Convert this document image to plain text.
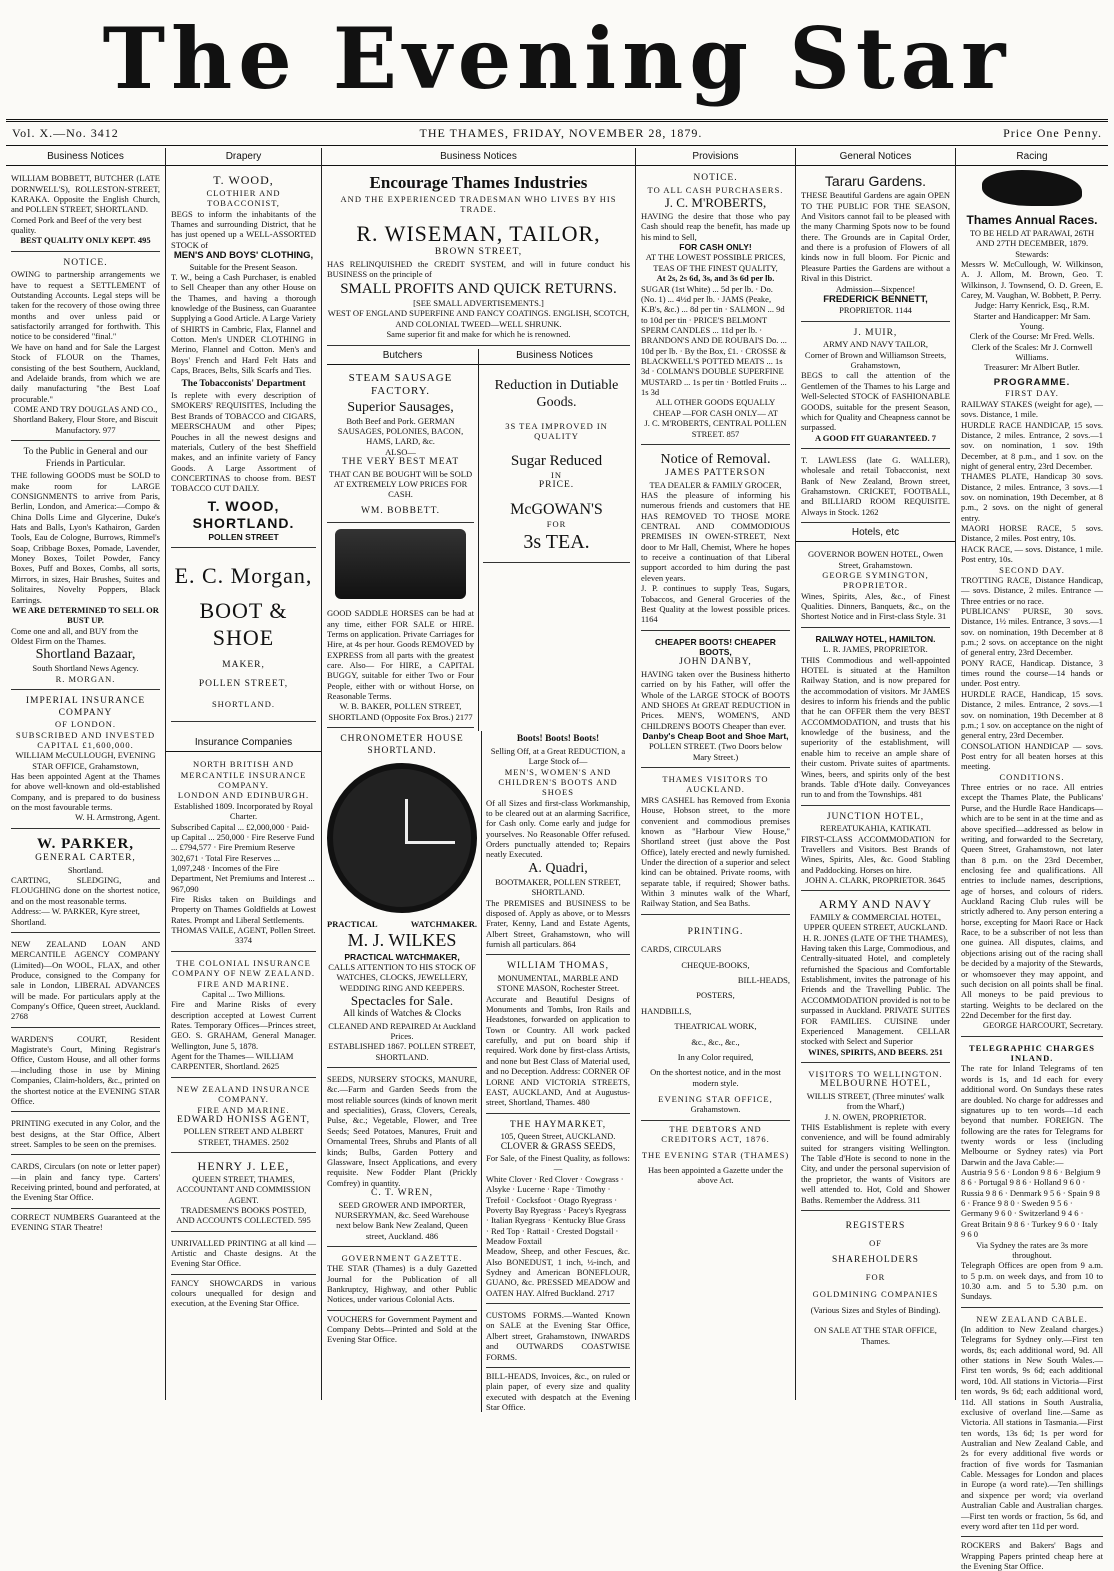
The Evening Star
Vol. X.—No. 3412	THE THAMES, FRIDAY, NOVEMBER 28, 1879.	Price One Penny.
Business Notices

WILLIAM BOBBETT, BUTCHER (LATE DORNWELL'S), ROLLESTON-STREET, KARAKA. Opposite the English Church, and POLLEN STREET, SHORTLAND.

Corned Pork and Beef of the very best quality.

BEST QUALITY ONLY KEPT. 495

NOTICE.

OWING to partnership arrangements we have to request a SETTLEMENT of Outstanding Accounts. Legal steps will be taken for the recovery of those owing three months and over unless paid or satisfactorily arranged for forthwith. This notice to be considered "final."

We have on hand and for Sale the Largest Stock of FLOUR on the Thames, consisting of the best Southern, Auckland, and Adelaide brands, from which we are daily manufacturing "the Best Loaf procurable."

COME AND TRY DOUGLAS AND CO., Shortland Bakery, Flour Store, and Biscuit Manufactory. 977

To the Public in General and our Friends in Particular.

THE following GOODS must be SOLD to make room for LARGE CONSIGNMENTS to arrive from Paris, Berlin, London, and America:—Compo & China Dolls Lime and Glycerine, Duke's Hats and Balls, Lyon's Kathairon, Garden Tools, Eau de Cologne, Burrows, Rimmel's Soap, Cribbage Boxes, Pomade, Lavender, Money Boxes, Toilet Powder, Fancy Boxes, Puff and Boxes, Combs, all sorts, Mirrors, in sizes, Hair Brushes, Suites and Solitaires, Novelty Poppers, Black Earrings.

WE ARE DETERMINED TO SELL OR BUST UP.

Come one and all, and BUY from the Oldest Firm on the Thames.

Shortland Bazaar,

South Shortland News Agency.

R. MORGAN.

IMPERIAL INSURANCE COMPANY

OF LONDON.

SUBSCRIBED AND INVESTED CAPITAL £1,600,000.

WILLIAM McCULLOUGH, EVENING STAR OFFICE, Grahamstown,

Has been appointed Agent at the Thames for above well-known and old-established Company, and is prepared to do business on the most favourable terms.

W. H. Armstrong, Agent.

W. PARKER,

GENERAL CARTER,

Shortland.

CARTING, SLEDGING, and FLOUGHING done on the shortest notice, and on the most reasonable terms.

Address:— W. PARKER, Kyre street, Shortland.

NEW ZEALAND LOAN AND MERCANTILE AGENCY COMPANY (Limited)—On WOOL, FLAX, and other Produce, consigned to the Company for sale in London, LIBERAL ADVANCES will be made. For particulars apply at the Company's Office, Queen street, Auckland. 2768

WARDEN'S COURT, Resident Magistrate's Court, Mining Registrar's Office, Custom House, and all other forms—including those in use by Mining Companies, Claim-holders, &c., printed on the shortest notice at the EVENING STAR Office.

PRINTING executed in any Color, and the best designs, at the Star Office, Albert street. Samples to be seen on the premises.

CARDS, Circulars (on note or letter paper)—in plain and fancy type. Carters' Receiving printed, bound and perforated, at the Evening Star Office.

CORRECT NUMBERS Guaranteed at the EVENING STAR Theatre!

Drapery

T. WOOD,

CLOTHIER AND TOBACCONIST,

BEGS to inform the inhabitants of the Thames and surrounding District, that he has just opened up a WELL-ASSORTED STOCK of

MEN'S AND BOYS' CLOTHING,

Suitable for the Present Season.

T. W., being a Cash Purchaser, is enabled to Sell Cheaper than any other House on the Thames, and having a thorough knowledge of the Business, can Guarantee Supplying a Good Article. A Large Variety of SHIRTS in Cambric, Flax, Flannel and Cotton. Men's UNDER CLOTHING in Merino, Flannel and Cotton. Men's and Boys' French and Hard Felt Hats and Caps, Braces, Belts, Silk Scarfs and Ties.

The Tobacconists' Department

Is replete with every description of SMOKERS' REQUISITES, Including the Best Brands of TOBACCO and CIGARS, MEERSCHAUM and other Pipes; Pouches in all the newest designs and materials, Cutlery of the best Sheffield makes, and an infinite variety of Fancy Goods. A Large Assortment of CONCERTINAS to choose from. BEST TOBACCO CUT DAILY.

T. WOOD, SHORTLAND.

POLLEN STREET

E. C. Morgan,

BOOT & SHOE

MAKER,

POLLEN STREET,

SHORTLAND.

Insurance Companies

NORTH BRITISH AND MERCANTILE INSURANCE COMPANY.

LONDON AND EDINBURGH.

Established 1809. Incorporated by Royal Charter.

Subscribed Capital ... £2,000,000 · Paid-up Capital ... 250,000 · Fire Reserve Fund ... £794,577 · Fire Premium Reserve 302,671 · Total Fire Reserves ... 1,097,248 · Incomes of the Fire Department, Net Premiums and Interest ... 967,090

Fire Risks taken on Buildings and Property on Thames Goldfields at Lowest Rates. Prompt and Liberal Settlements.

THOMAS VAILE, AGENT, Pollen Street. 3374

THE COLONIAL INSURANCE COMPANY OF NEW ZEALAND.

FIRE AND MARINE.

Capital ... Two Millions.

Fire and Marine Risks of every description accepted at Lowest Current Rates. Temporary Offices—Princes street, GEO. S. GRAHAM, General Manager. Wellington, June 5, 1878.

Agent for the Thames— WILLIAM CARPENTER, Shortland. 2625

NEW ZEALAND INSURANCE COMPANY.

FIRE AND MARINE.

EDWARD HONISS AGENT,

POLLEN STREET AND ALBERT STREET, THAMES. 2502

HENRY J. LEE,

QUEEN STREET, THAMES, ACCOUNTANT AND COMMISSION AGENT.

TRADESMEN'S BOOKS POSTED, AND ACCOUNTS COLLECTED. 595

UNRIVALLED PRINTING at all kind —Artistic and Chaste designs. At the Evening Star Office.

FANCY SHOWCARDS in various colours unequalled for design and execution, at the Evening Star Office.

Business Notices

Encourage Thames Industries

AND THE EXPERIENCED TRADESMAN WHO LIVES BY HIS TRADE.

R. WISEMAN, TAILOR,

BROWN STREET,

HAS RELINQUISHED the CREDIT SYSTEM, and will in future conduct his BUSINESS on the principle of

SMALL PROFITS AND QUICK RETURNS.

[SEE SMALL ADVERTISEMENTS.]

WEST OF ENGLAND SUPERFINE AND FANCY COATINGS. ENGLISH, SCOTCH, AND COLONIAL TWEED—WELL SHRUNK.

Same superior fit and make for which he is renowned.

Butchers

STEAM SAUSAGE FACTORY.

Superior Sausages,

Both Beef and Pork. GERMAN SAUSAGES, POLONIES, BACON, HAMS, LARD, &c.

ALSO—

THE VERY BEST MEAT

THAT CAN BE BOUGHT Will be SOLD AT EXTREMELY LOW PRICES FOR CASH.

WM. BOBBETT.

GOOD SADDLE HORSES can be had at any time, either FOR SALE or HIRE. Terms on application. Private Carriages for Hire, at 4s per hour. Goods REMOVED by EXPRESS from all parts with the greatest care. Also— For HIRE, a CAPITAL BUGGY, suitable for either Two or Four People, either with or without Horse, on Reasonable Terms.

W. B. BAKER, POLLEN STREET, SHORTLAND (Opposite Fox Bros.) 2177

Business Notices

Reduction in Dutiable Goods.

3S TEA IMPROVED IN QUALITY

Sugar Reduced

IN

PRICE.

McGOWAN'S

FOR

3s TEA.

CHRONOMETER HOUSE SHORTLAND.

PRACTICAL	WATCHMAKER.

M. J. WILKES

PRACTICAL WATCHMAKER,

CALLS ATTENTION TO HIS STOCK OF WATCHES, CLOCKS, JEWELLERY, WEDDING RING AND KEEPERS.

Spectacles for Sale.

All kinds of Watches & Clocks

CLEANED AND REPAIRED At Auckland Prices.

ESTABLISHED 1867. POLLEN STREET, SHORTLAND.

SEEDS, NURSERY STOCKS, MANURE, &c.—Farm and Garden Seeds from the most reliable sources (kinds of known merit and specialities), Grass, Clovers, Cereals, Pulse, &c.; Vegetable, Flower, and Tree Seeds; Seed Potatoes, Manures, Fruit and Ornamental Trees, Shrubs and Plants of all kinds; Bulbs, Garden Pottery and Glassware, Insect Applications, and every requisite. New Fodder Plant (Prickly Comfrey) in quantity.

C. T. WREN,

SEED GROWER AND IMPORTER, NURSERYMAN, &c. Seed Warehouse next below Bank New Zealand, Queen street, Auckland. 486

GOVERNMENT GAZETTE.

THE STAR (Thames) is a duly Gazetted Journal for the Publication of all Bankruptcy, Highway, and other Public Notices, under various Colonial Acts.

VOUCHERS for Government Payment and Company Debts—Printed and Sold at the Evening Star Office.

Boots! Boots! Boots!

Selling Off, at a Great REDUCTION, a Large Stock of—

MEN'S, WOMEN'S AND CHILDREN'S BOOTS AND SHOES

Of all Sizes and first-class Workmanship, to be cleared out at an alarming Sacrifice, for Cash only. Come early and judge for yourselves. No Reasonable Offer refused. Orders punctually attended to; Repairs neatly Executed.

A. Quadri,

BOOTMAKER, POLLEN STREET, SHORTLAND.

The PREMISES and BUSINESS to be disposed of. Apply as above, or to Messrs Frater, Kenny, Land and Estate Agents, Albert Street, Grahamstown, who will furnish all particulars. 864

WILLIAM THOMAS,

MONUMENTAL, MARBLE AND STONE MASON, Rochester Street.

Accurate and Beautiful Designs of Monuments and Tombs, Iron Rails and Headstones, forwarded on application to Town or Country. All work packed carefully, and put on board ship if required. Work done by first-class Artists, and none but Best Class of Material used, and no Deception. Address: CORNER OF LORNE AND VICTORIA STREETS, EAST, AUCKLAND, And at Augustus-street, Shortland, Thames. 480

THE HAYMARKET,

105, Queen Street, AUCKLAND.

CLOVER & GRASS SEEDS,

For Sale, of the Finest Quality, as follows:—

White Clover · Red Clover · Cowgrass · Alsyke · Lucerne · Rape · Timothy · Trefoil · Cocksfoot · Otago Ryegrass · Poverty Bay Ryegrass · Pacey's Ryegrass · Italian Ryegrass · Kentucky Blue Grass · Red Top · Rattail · Crested Dogstail · Meadow Foxtail

Meadow, Sheep, and other Fescues, &c. Also BONEDUST, 1 inch, ½-inch, and Sydney and American BONEFLOUR, GUANO, &c. PRESSED MEADOW and OATEN HAY. Alfred Buckland. 2717

CUSTOMS FORMS.—Wanted Known on SALE at the Evening Star Office, Albert street, Grahamstown, INWARDS and OUTWARDS COASTWISE FORMS.

BILL-HEADS, Invoices, &c., on ruled or plain paper, of every size and quality executed with despatch at the Evening Star Office.

Provisions

NOTICE.

TO ALL CASH PURCHASERS.

J. C. M'ROBERTS,

HAVING the desire that those who pay Cash should reap the benefit, has made up his mind to Sell,

FOR CASH ONLY!

AT THE LOWEST POSSIBLE PRICES, TEAS OF THE FINEST QUALITY,

At 2s, 2s 6d, 3s, and 3s 6d per lb.

SUGAR (1st White) ... 5d per lb. · Do. (No. 1) ... 4½d per lb. · JAMS (Peake, K.B's, &c.) ... 8d per tin · SALMON ... 9d to 10d per tin · PRICE'S BELMONT SPERM CANDLES ... 11d per lb. · BRANDON'S AND DE ROUBAI'S Do. ... 10d per lb. · By the Box, £1. · CROSSE & BLACKWELL'S POTTED MEATS ... 1s 3d · COLMAN'S DOUBLE SUPERFINE MUSTARD ... 1s per tin · Bottled Fruits ... 1s 3d

ALL OTHER GOODS EQUALLY CHEAP —FOR CASH ONLY— AT

J. C. M'ROBERTS, CENTRAL POLLEN STREET. 857

Notice of Removal.

JAMES PATTERSON

TEA DEALER & FAMILY GROCER,

HAS the pleasure of informing his numerous friends and customers that HE HAS REMOVED TO THOSE MORE CENTRAL AND COMMODIOUS PREMISES IN OWEN-STREET, Next door to Mr Hall, Chemist, Where he hopes to receive a continuation of that Liberal support accorded to him during the past eleven years.

J. P. continues to supply Teas, Sugars, Tobaccos, and General Groceries of the Best Quality at the lowest possible prices. 1164

CHEAPER BOOTS! CHEAPER BOOTS,

JOHN DANBY,

HAVING taken over the Business hitherto carried on by his Father, will offer the Whole of the LARGE STOCK of BOOTS AND SHOES At GREAT REDUCTION in Prices. MEN'S, WOMEN'S, AND CHILDREN'S BOOTS Cheaper than ever.

Danby's Cheap Boot and Shoe Mart,

POLLEN STREET. (Two Doors below Mary Street.)

THAMES VISITORS TO AUCKLAND.

MRS CASHEL has Removed from Exonia House, Hobson street, to the more convenient and commodious premises known as "Harbour View House," Shortland street (just above the Post Office), lately erected and newly furnished. Under the direction of a superior and select kind can be obtained. Private rooms, with separate table, if required; Shower baths. Within 3 minutes walk of the Wharf, Railway Station, and Sea Baths.

PRINTING.

CARDS, CIRCULARS

CHEQUE-BOOKS,

BILL-HEADS,

POSTERS,

HANDBILLS,

THEATRICAL WORK,

&c., &c., &c.,

In any Color required,

On the shortest notice, and in the most modern style.

EVENING STAR OFFICE,

Grahamstown.

THE DEBTORS AND CREDITORS ACT, 1876.

THE EVENING STAR (THAMES)

Has been appointed a Gazette under the above Act.

General Notices

Tararu Gardens.

THESE Beautiful Gardens are again OPEN TO THE PUBLIC FOR THE SEASON, And Visitors cannot fail to be pleased with the many Charming Spots now to be found there. The Grounds are in Capital Order, and there is a profusion of Flowers of all kinds now in full bloom. For Picnic and Pleasure Parties the Gardens are without a Rival in this District.

Admission—Sixpence!

FREDERICK BENNETT,

PROPRIETOR. 1144

J. MUIR,

ARMY AND NAVY TAILOR,

Corner of Brown and Williamson Streets, Grahamstown,

BEGS to call the attention of the Gentlemen of the Thames to his Large and Well-Selected STOCK of FASHIONABLE GOODS, suitable for the present Season, which for Quality and Cheapness cannot be surpassed.

A GOOD FIT GUARANTEED. 7

T. LAWLESS (late G. WALLER), wholesale and retail Tobacconist, next Bank of New Zealand, Brown street, Grahamstown. CRICKET, FOOTBALL, and BILLIARD ROOM REQUISITE. Always in Stock. 1262

Hotels, etc

GOVERNOR BOWEN HOTEL, Owen Street, Grahamstown.

GEORGE SYMINGTON, PROPRIETOR.

Wines, Spirits, Ales, &c., of Finest Qualities. Dinners, Banquets, &c., on the Shortest Notice and in First-class Style. 31

RAILWAY HOTEL, HAMILTON.

L. R. JAMES, PROPRIETOR.

THIS Commodious and well-appointed HOTEL is situated at the Hamilton Railway Station, and is now prepared for the accommodation of visitors. Mr JAMES desires to inform his friends and the public that he can OFFER them the very BEST ACCOMMODATION, and trusts that his knowledge of the business, and the superiority of the establishment, will enable him to receive an ample share of their custom. Private suites of apartments. Wines, beers, and spirits only of the best brands. Table d'Hote daily. Conveyances run to and from the Townships. 481

JUNCTION HOTEL,

REREATUKAHIA, KATIKATI.

FIRST-CLASS ACCOMMODATION for Travellers and Visitors. Best Brands of Wines, Spirits, Ales, &c. Good Stabling and Paddocking. Horses on hire.

JOHN A. CLARK, PROPRIETOR. 3645

ARMY AND NAVY

FAMILY & COMMERCIAL HOTEL,

UPPER QUEEN STREET, AUCKLAND.

H. R. JONES (LATE OF THE THAMES),

Having taken this Large, Commodious, and Centrally-situated Hotel, and completely refurnished the Spacious and Comfortable Establishment, invites the patronage of his Friends and the Travelling Public. The ACCOMMODATION provided is not to be surpassed in Auckland. PRIVATE SUITES FOR FAMILIES. CUISINE under Experienced Management. CELLAR stocked with Select and Superior

WINES, SPIRITS, AND BEERS. 251

VISITORS TO WELLINGTON.

MELBOURNE HOTEL,

WILLIS STREET, (Three minutes' walk from the Wharf,)

J. N. OWEN, PROPRIETOR.

THIS Establishment is replete with every convenience, and will be found admirably suited for strangers visiting Wellington. The Table d'Hote is second to none in the City, and under the personal supervision of the proprietor, the wants of Visitors are well attended to. Hot, Cold and Shower Baths. Remember the Address. 311

REGISTERS

OF

SHAREHOLDERS

FOR

GOLDMINING COMPANIES

(Various Sizes and Styles of Binding).

ON SALE AT THE STAR OFFICE, Thames.

Racing

Thames Annual Races.

TO BE HELD AT PARAWAI, 26TH AND 27TH DECEMBER, 1879.

Stewards:

Messrs W. McCullough, W. Wilkinson, A. J. Allom, M. Brown, Geo. T. Wilkinson, J. Townsend, O. D. Green, E. Carey, M. Vaughan, W. Bobbett, P. Perry.

Judge: Harry Kenrick, Esq., R.M.

Starter and Handicapper: Mr Sam. Young.

Clerk of the Course: Mr Fred. Wells.

Clerk of the Scales: Mr J. Cornwell Williams.

Treasurer: Mr Albert Butler.

PROGRAMME.

FIRST DAY.

RAILWAY STAKES (weight for age), — sovs. Distance, 1 mile.

HURDLE RACE HANDICAP, 15 sovs. Distance, 2 miles. Entrance, 2 sovs.—1 sov. on nomination, 1 sov. 19th December, at 8 p.m., and 1 sov. on the night of general entry, 23rd December.

THAMES PLATE, Handicap 30 sovs. Distance, 2 miles. Entrance, 3 sovs.—1 sov. on nomination, 19th December, at 8 p.m., 2 sovs. on the night of general entry.

MAORI HORSE RACE, 5 sovs. Distance, 2 miles. Post entry, 10s.

HACK RACE, — sovs. Distance, 1 mile. Post entry, 10s.

SECOND DAY.

TROTTING RACE, Distance Handicap, — sovs. Distance, 2 miles. Entrance — Three entries or no race.

PUBLICANS' PURSE, 30 sovs. Distance, 1½ miles. Entrance, 3 sovs.—1 sov. on nomination, 19th December at 8 p.m.; 2 sovs. on acceptance on the night of general entry, 23rd December.

PONY RACE, Handicap. Distance, 3 times round the course—14 hands or under. Post entry.

HURDLE RACE, Handicap, 15 sovs. Distance, 2 miles. Entrance, 2 sovs.—1 sov. on nomination, 19th December at 8 p.m.; 1 sov. on acceptance on the night of general entry, 23rd December.

CONSOLATION HANDICAP — sovs. Post entry for all beaten horses at this meeting.

CONDITIONS.

Three entries or no race. All entries except the Thames Plate, the Publicans' Purse, and the Hurdle Race Handicaps—which are to be sent in at the time and as above specified—addressed as below in writing, and forwarded to the Secretary, Queen Street, Grahamstown, not later than 8 p.m. on the 23rd December, enclosing fee and qualifications. All entries to include names, descriptions, age of horses, and colours of riders. Auckland Racing Club rules will be strictly adhered to. Any person entering a horse, excepting for Maori Race or Hack Race, to be a subscriber of not less than one guinea. All disputes, claims, and objections arising out of the racing shall be decided by a majority of the Stewards, or whomsoever they may appoint, and such decision on all points shall be final. All moneys to be paid previous to starting. Weights to be declared on the 22nd December for the first day.

GEORGE HARCOURT, Secretary.

TELEGRAPHIC CHARGES INLAND.

The rate for Inland Telegrams of ten words is 1s, and 1d each for every additional word. On Sundays these rates are doubled. No charge for addresses and signatures up to ten words—1d each beyond that number. FOREIGN. The following are the rates for Telegrams for twenty words or less (including Melbourne or Sydney rates) via Port Darwin and the Java Cable:—

Austria 9 5 6 · London 9 8 6 · Belgium 9 8 6 · Portugal 9 8 6 · Holland 9 6 0 · Russia 9 8 6 · Denmark 9 5 6 · Spain 9 8 6 · France 9 8 0 · Sweden 9 5 6 · Germany 9 6 0 · Switzerland 9 4 6 · Great Britain 9 8 6 · Turkey 9 6 0 · Italy 9 6 0

Via Sydney the rates are 3s more throughout.

Telegraph Offices are open from 9 a.m. to 5 p.m. on week days, and from 10 to 10.30 a.m. and 5 to 5.30 p.m. on Sundays.

NEW ZEALAND CABLE.

(In addition to New Zealand charges.) Telegrams for Sydney only.—First ten words, 8s; each additional word, 9d. All other stations in New South Wales.—First ten words, 9s 6d; each additional word, 10d. All stations in Victoria—First ten words, 9s 6d; each additional word, 11d. All stations in South Australia, exclusive of overland line.—Same as Victoria. All stations in Tasmania.—First ten words, 13s 6d; 1s per word for Australian and New Zealand Cable, and 2s for every additional five words or fraction of five words for Tasmanian Cable. Messages for London and places in Europe (a word rate).—Ten shillings and sixpence per word; via overland Australian Cable and Australian charges.—First ten words or fraction, 5s 6d, and every word after ten 11d per word.

ROCKERS and Bakers' Bags and Wrapping Papers printed cheap here at the Evening Star Office.
